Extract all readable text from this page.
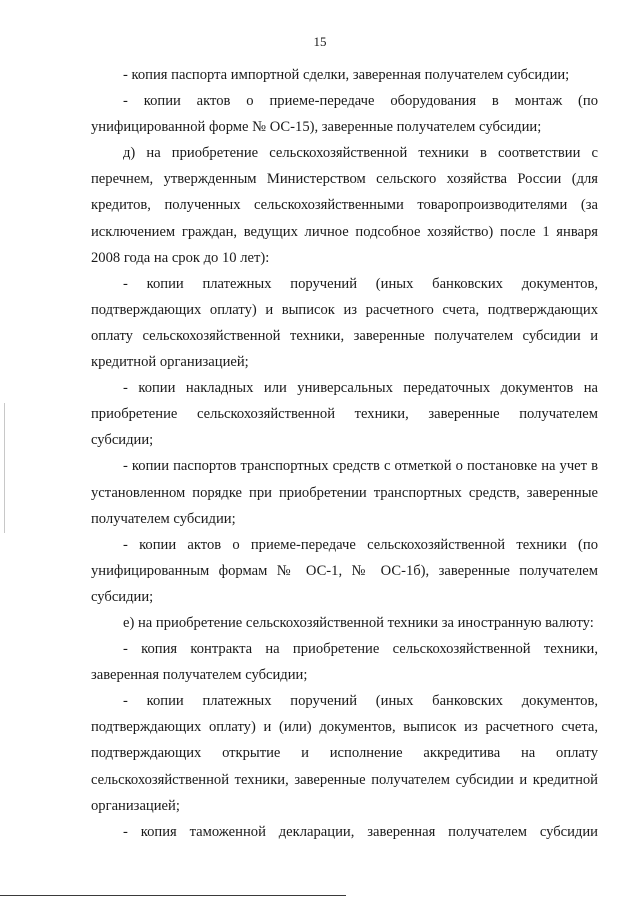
15

- копия паспорта импортной сделки, заверенная получателем субсидии;

- копии актов о приеме-передаче оборудования в монтаж (по унифицированной форме № ОС-15), заверенные получателем субсидии;

д) на приобретение сельскохозяйственной техники в соответствии с перечнем, утвержденным Министерством сельского хозяйства России (для кредитов, полученных сельскохозяйственными товаропроизводителями (за исключением граждан, ведущих личное подсобное хозяйство) после 1 января 2008 года на срок до 10 лет):

- копии платежных поручений (иных банковских документов, подтверждающих оплату) и выписок из расчетного счета, подтверждающих оплату сельскохозяйственной техники, заверенные получателем субсидии и кредитной организацией;

- копии накладных или универсальных передаточных документов на приобретение сельскохозяйственной техники, заверенные получателем субсидии;

- копии паспортов транспортных средств с отметкой о постановке на учет в установленном порядке при приобретении транспортных средств, заверенные получателем субсидии;

- копии актов о приеме-передаче сельскохозяйственной техники (по унифицированным формам № ОС-1, № ОС-1б), заверенные получателем субсидии;

е) на приобретение сельскохозяйственной техники за иностранную валюту:

- копия контракта на приобретение сельскохозяйственной техники, заверенная получателем субсидии;

- копии платежных поручений (иных банковских документов, подтверждающих оплату) и (или) документов, выписок из расчетного счета, подтверждающих открытие и исполнение аккредитива на оплату сельскохозяйственной техники, заверенные получателем субсидии и кредитной организацией;

- копия таможенной декларации, заверенная получателем субсидии
